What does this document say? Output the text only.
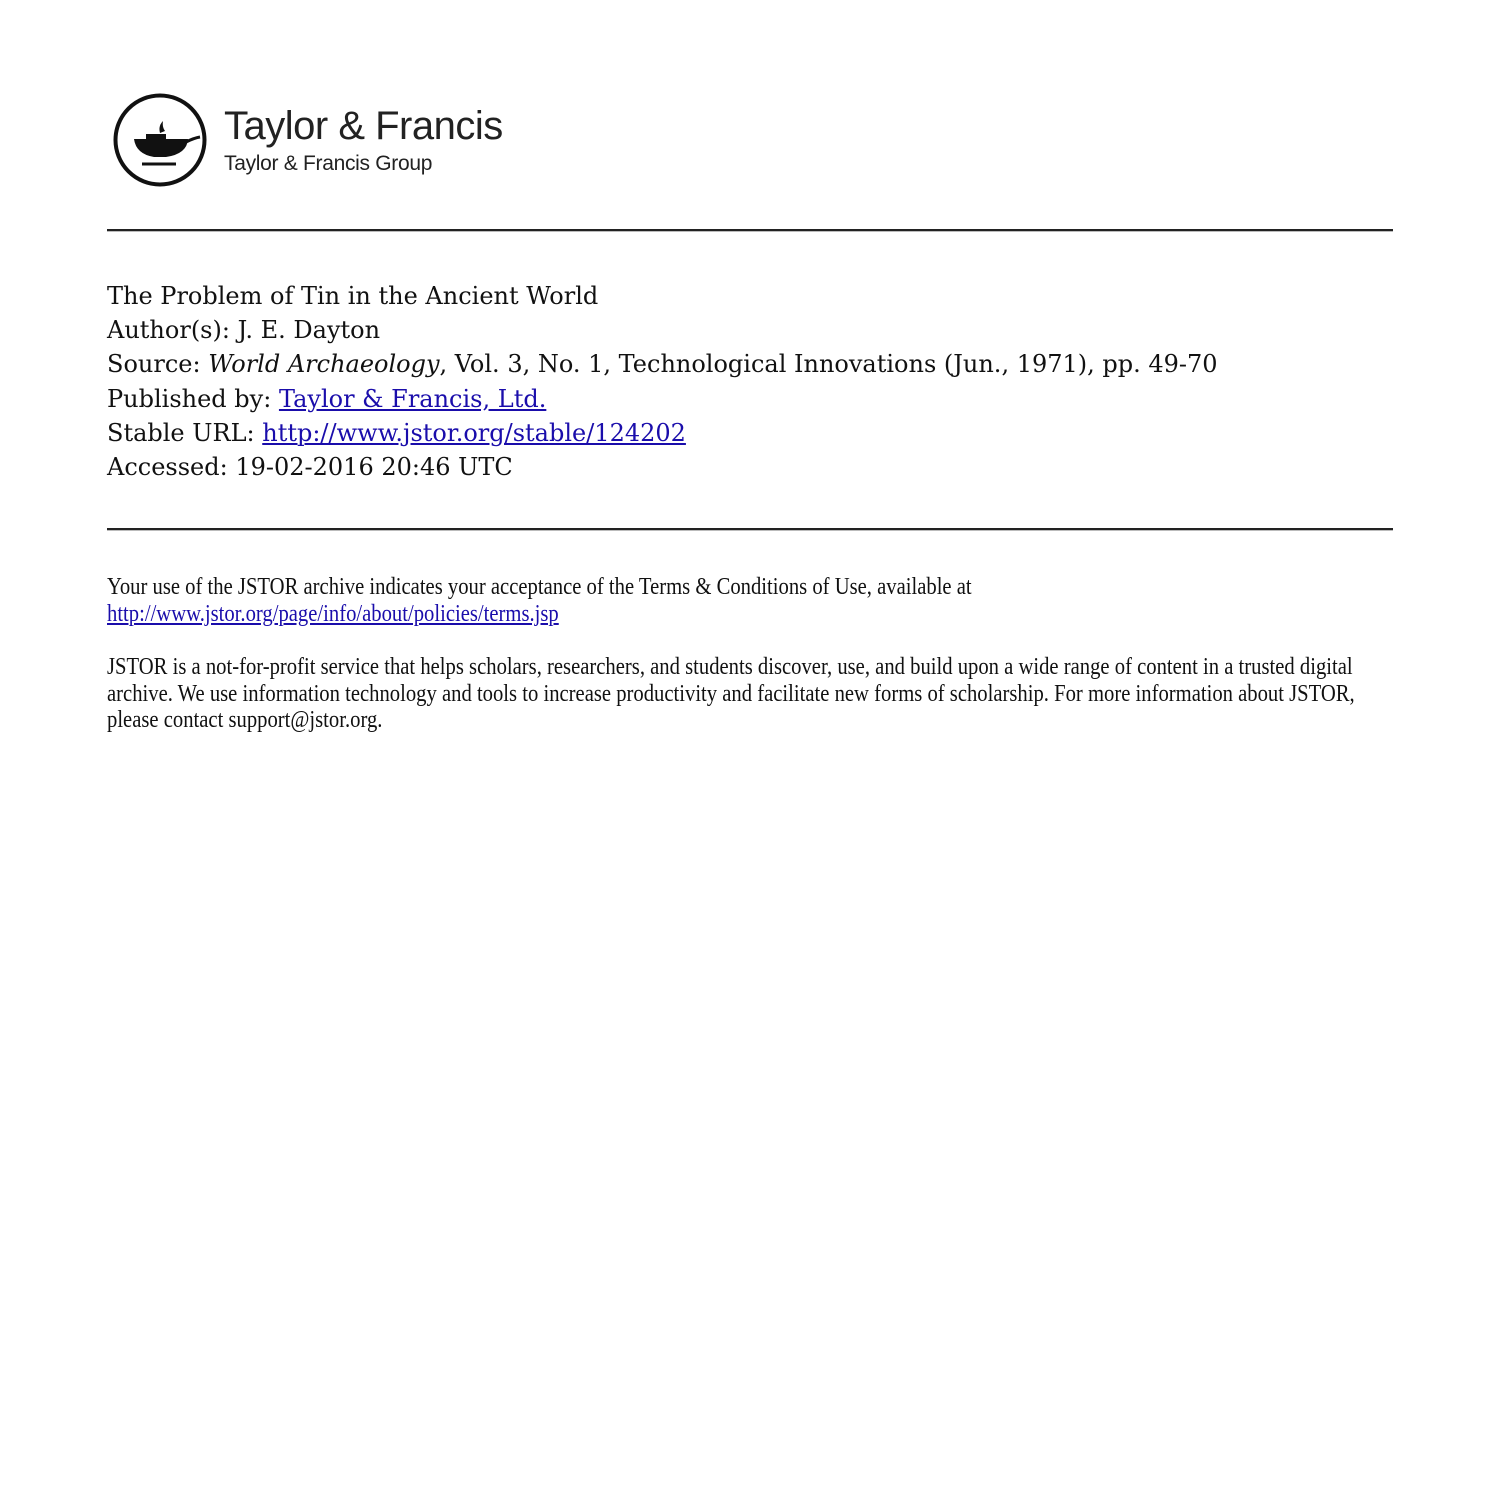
Taylor & Francis
Taylor & Francis Group
The Problem of Tin in the Ancient World
Author(s): J. E. Dayton
Source: World Archaeology, Vol. 3, No. 1, Technological Innovations (Jun., 1971), pp. 49-70
Published by: Taylor & Francis, Ltd.
Stable URL: http://www.jstor.org/stable/124202
Accessed: 19-02-2016 20:46 UTC

Your use of the JSTOR archive indicates your acceptance of the Terms & Conditions of Use, available at http://www.jstor.org/page/info/about/policies/terms.jsp

JSTOR is a not-for-profit service that helps scholars, researchers, and students discover, use, and build upon a wide range of content in a trusted digital archive. We use information technology and tools to increase productivity and facilitate new forms of scholarship. For more information about JSTOR, please contact support@jstor.org.
